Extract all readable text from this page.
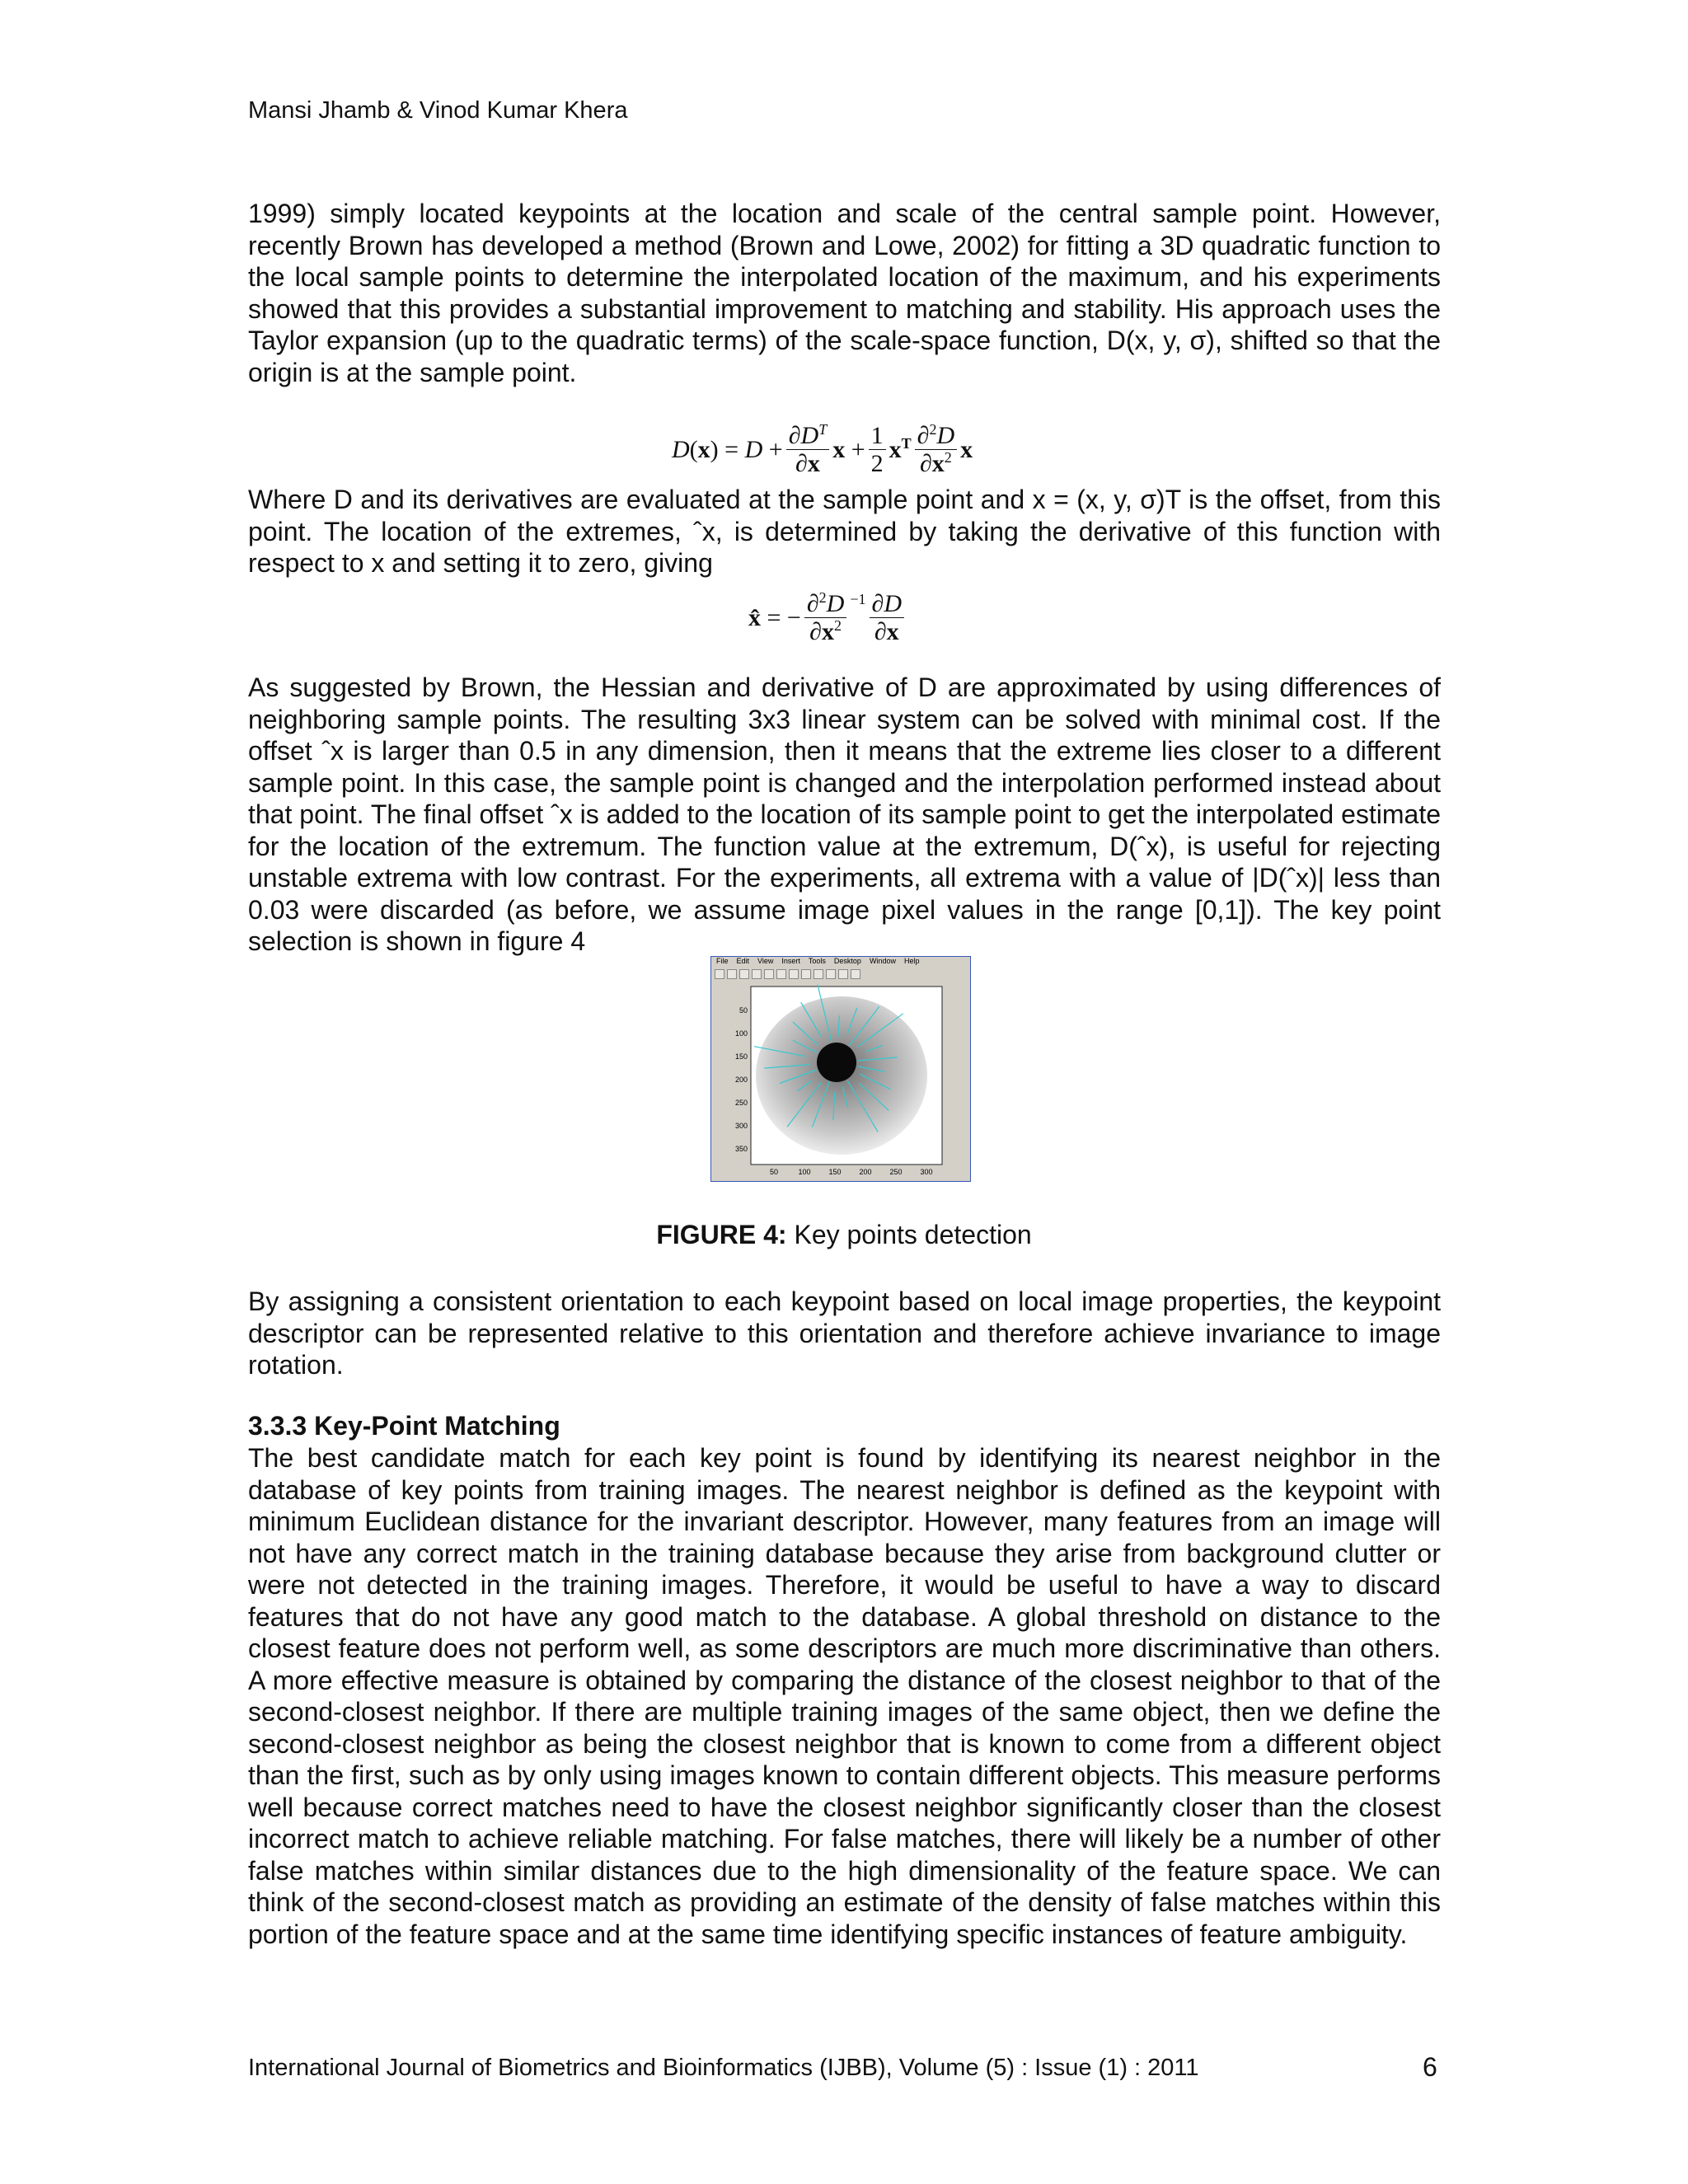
Mansi Jhamb & Vinod Kumar Khera

1999) simply located keypoints at the location and scale of the central sample point. However, recently Brown has developed a method (Brown and Lowe, 2002) for fitting a 3D quadratic function to the local sample points to determine the interpolated location of the maximum, and his experiments showed that this provides a substantial improvement to matching and stability. His approach uses the Taylor expansion (up to the quadratic terms) of the scale-space function, D(x, y, σ), shifted so that the origin is at the sample point.

$D(x) = D + \frac{\partial D^T}{\partial x}$ $x + \frac{1}{2} x^T \frac{\partial^2D}{\partial x^2}$ x

Where D and its derivatives are evaluated at the sample point and x = (x, y, σ)T is the offset, from this point. The location of the extremes, ˆx, is determined by taking the derivative of this function with respect to x and setting it to zero, giving

x̂ = − $\frac{\partial^2D}{\partial x^2} -1 \frac{\partial D}{\partial x}$

As suggested by Brown, the Hessian and derivative of D are approximated by using differences of neighboring sample points. The resulting 3x3 linear system can be solved with minimal cost. If the offset ˆx is larger than 0.5 in any dimension, then it means that the extreme lies closer to a different sample point. In this case, the sample point is changed and the interpolation performed instead about that point. The final offset ˆx is added to the location of its sample point to get the interpolated estimate for the location of the extremum. The function value at the extremum, D(ˆx), is useful for rejecting unstable extrema with low contrast. For the experiments, all extrema with a value of |D(ˆx)| less than 0.03 were discarded (as before, we assume image pixel values in the range [0,1]). The key point selection is shown in figure 4

File Edit View Insert Tools Desktop Window Help
50
100
150
200
250
300
350
50	100 150 200 250 300
FIGURE 4: Key points detection

By assigning a consistent orientation to each keypoint based on local image properties, the keypoint descriptor can be represented relative to this orientation and therefore achieve invariance to image rotation.

3.3.3 Key-Point Matching

The best candidate match for each key point is found by identifying its nearest neighbor in the database of key points from training images. The nearest neighbor is defined as the keypoint with minimum Euclidean distance for the invariant descriptor. However, many features from an image will not have any correct match in the training database because they arise from background clutter or were not detected in the training images. Therefore, it would be useful to have a way to discard features that do not have any good match to the database. A global threshold on distance to the closest feature does not perform well, as some descriptors are much more discriminative than others. A more effective measure is obtained by comparing the distance of the closest neighbor to that of the second-closest neighbor. If there are multiple training images of the same object, then we define the second-closest neighbor as being the closest neighbor that is known to come from a different object than the first, such as by only using images known to contain different objects. This measure performs well because correct matches need to have the closest neighbor significantly closer than the closest incorrect match to achieve reliable matching. For false matches, there will likely be a number of other false matches within similar distances due to the high dimensionality of the feature space. We can think of the second-closest match as providing an estimate of the density of false matches within this portion of the feature space and at the same time identifying specific instances of feature ambiguity.

International Journal of Biometrics and Bioinformatics (IJBB), Volume (5) : Issue (1) : 2011	6
